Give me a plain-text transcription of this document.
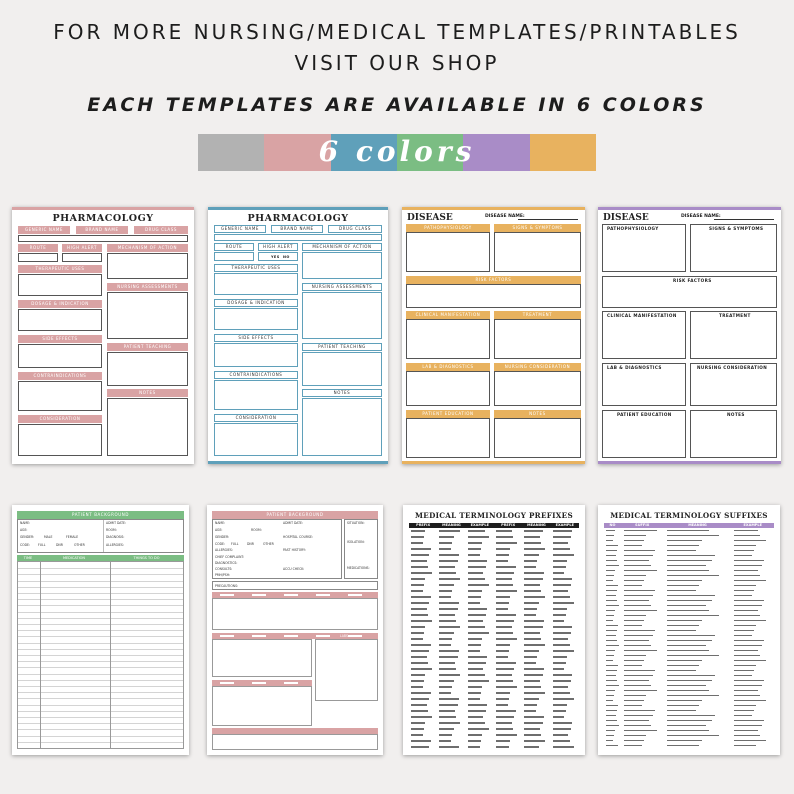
FOR MORE NURSING/MEDICAL TEMPLATES/PRINTABLES
VISIT OUR SHOP
EACH TEMPLATES ARE AVAILABLE IN 6 COLORS
6 colors
PHARMACOLOGY
GENERIC NAME	BRAND NAME	DRUG CLASS
ROUTE	HIGH ALERT	MECHANISM OF ACTION
THERAPEUTIC USES
NURSING ASSESSMENTS
DOSAGE & INDICATION
SIDE EFFECTS
PATIENT TEACHING
CONTRAINDICATIONS
NOTES
CONSIDERATION
PHARMACOLOGY
GENERIC NAME	BRAND NAME	DRUG CLASS
ROUTE	HIGH ALERT	MECHANISM OF ACTION
YES NO
THERAPEUTIC USES
NURSING ASSESSMENTS
DOSAGE & INDICATION
SIDE EFFECTS
PATIENT TEACHING
CONTRAINDICATIONS
NOTES
CONSIDERATION
DISEASE	DISEASE NAME:
PATHOPHYSIOLOGY	SIGNS & SYMPTOMS
RISK FACTORS
CLINICAL MANIFESTATION	TREATMENT
LAB & DIAGNOSTICS	NURSING CONSIDERATION
PATIENT EDUCATION	NOTES
DISEASE	DISEASE NAME:
PATHOPHYSIOLOGY	SIGNS & SYMPTOMS
RISK FACTORS
CLINICAL MANIFESTATION	TREATMENT
LAB & DIAGNOSTICS	NURSING CONSIDERATION
PATIENT EDUCATION	NOTES
PATIENT BACKGROUND
NAME:	ADMIT DATE:
AGE:	ROOM:
GENDER:	MALE	FEMALE	DIAGNOSIS:
CODE:	FULL	DNR	OTHER	ALLERGIES:
TIME	MEDICATION	THINGS TO DO
PATIENT BACKGROUND
NAME:	ADMIT DATE:
AGE:	ROOM:
GENDER:	HOSPITAL COURSE:
CODE: FULL	DNR	OTHER
ALLERGIES:	PAST HISTORY:
CHIEF COMPLAINT:
DIAGNOSTICS:
CONSULTS:	ACCU CHECK:
PMH/PSH:
SITUATION:
ISOLATION:
MEDICATIONS:
PRECAUTIONS:
LABS
MEDICAL TERMINOLOGY PREFIXES
PREFIX	MEANING	EXAMPLE	PREFIX	MEANING	EXAMPLE
MEDICAL TERMINOLOGY SUFFIXES
NO	SUFFIX	MEANING	EXAMPLE
